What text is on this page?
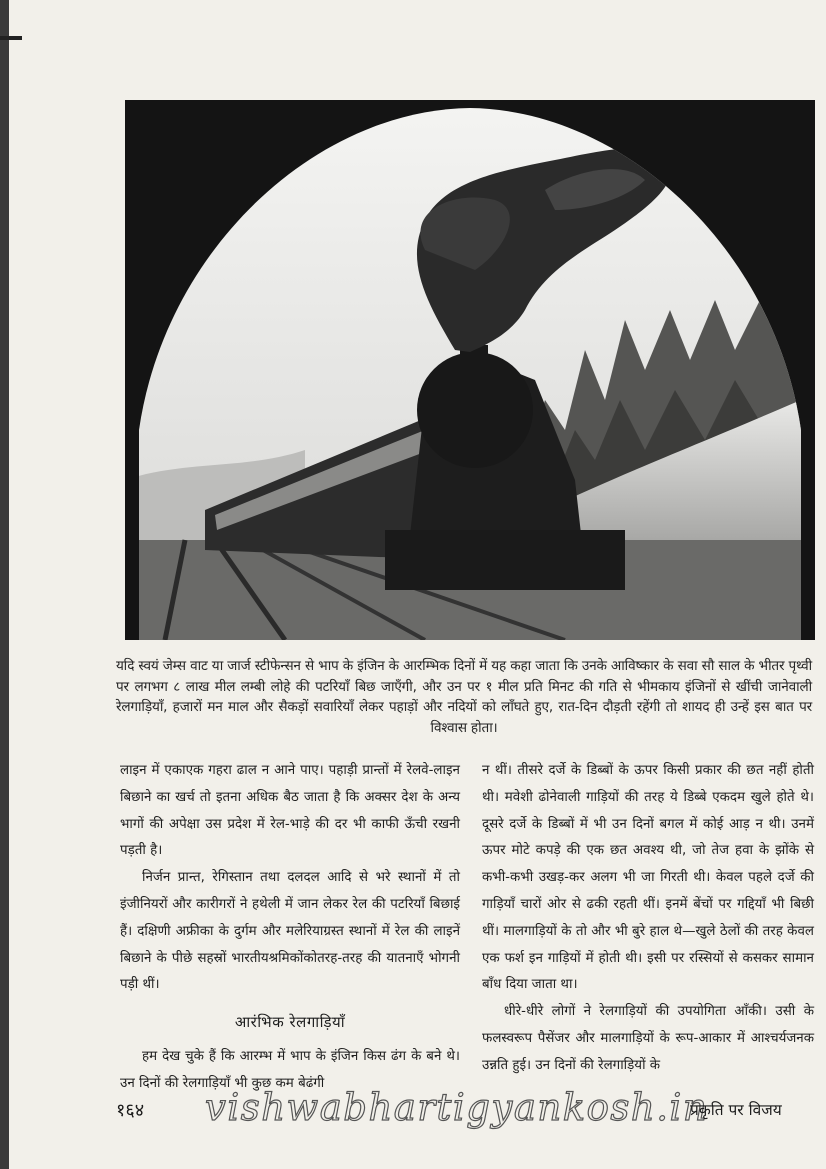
यदि स्वयं जेम्स वाट या जार्ज स्टीफेन्सन से भाप के इंजिन के आरम्भिक दिनों में यह कहा जाता कि उनके आविष्कार के सवा सौ साल के भीतर पृथ्वी पर लगभग ८ लाख मील लम्बी लोहे की पटरियाँ बिछ जाएँगी, और उन पर १ मील प्रति मिनट की गति से भीमकाय इंजिनों से खींची जानेवाली रेलगाड़ियाँ, हजारों मन माल और सैकड़ों सवारियाँ लेकर पहाड़ों और नदियों को लाँघते हुए, रात-दिन दौड़ती रहेंगी तो शायद ही उन्हें इस बात पर विश्वास होता।

लाइन में एकाएक गहरा ढाल न आने पाए। पहाड़ी प्रान्तों में रेलवे-लाइन बिछाने का खर्च तो इतना अधिक बैठ जाता है कि अक्सर देश के अन्य भागों की अपेक्षा उस प्रदेश में रेल-भाड़े की दर भी काफी ऊँची रखनी पड़ती है।

निर्जन प्रान्त, रेगिस्तान तथा दलदल आदि से भरे स्थानों में तो इंजीनियरों और कारीगरों ने हथेली में जान लेकर रेल की पटरियाँ बिछाई हैं। दक्षिणी अफ्रीका के दुर्गम और मलेरियाग्रस्त स्थानों में रेल की लाइनें बिछाने के पीछे सहस्रों भारतीयश्रमिकोंकोतरह-तरह की यातनाएँ भोगनी पड़ी थीं।

आरंभिक रेलगाड़ियाँ

हम देख चुके हैं कि आरम्भ में भाप के इंजिन किस ढंग के बने थे। उन दिनों की रेलगाड़ियाँ भी कुछ कम बेढंगी

न थीं। तीसरे दर्जे के डिब्बों के ऊपर किसी प्रकार की छत नहीं होती थी। मवेशी ढोनेवाली गाड़ियों की तरह ये डिब्बे एकदम खुले होते थे। दूसरे दर्जे के डिब्बों में भी उन दिनों बगल में कोई आड़ न थी। उनमें ऊपर मोटे कपड़े की एक छत अवश्य थी, जो तेज हवा के झोंके से कभी-कभी उखड़-कर अलग भी जा गिरती थी। केवल पहले दर्जे की गाड़ियाँ चारों ओर से ढकी रहती थीं। इनमें बेंचों पर गद्दियाँ भी बिछी थीं। मालगाड़ियों के तो और भी बुरे हाल थे—खुले ठेलों की तरह केवल एक फर्श इन गाड़ियों में होती थी। इसी पर रस्सियों से कसकर सामान बाँध दिया जाता था।

धीरे-धीरे लोगों ने रेलगाड़ियों की उपयोगिता आँकी। उसी के फलस्वरूप पैसेंजर और मालगाड़ियों के रूप-आकार में आश्चर्यजनक उन्नति हुई। उन दिनों की रेलगाड़ियों के

१६४ vishwabhartigyankosh.in
प्रकृति पर विजय
